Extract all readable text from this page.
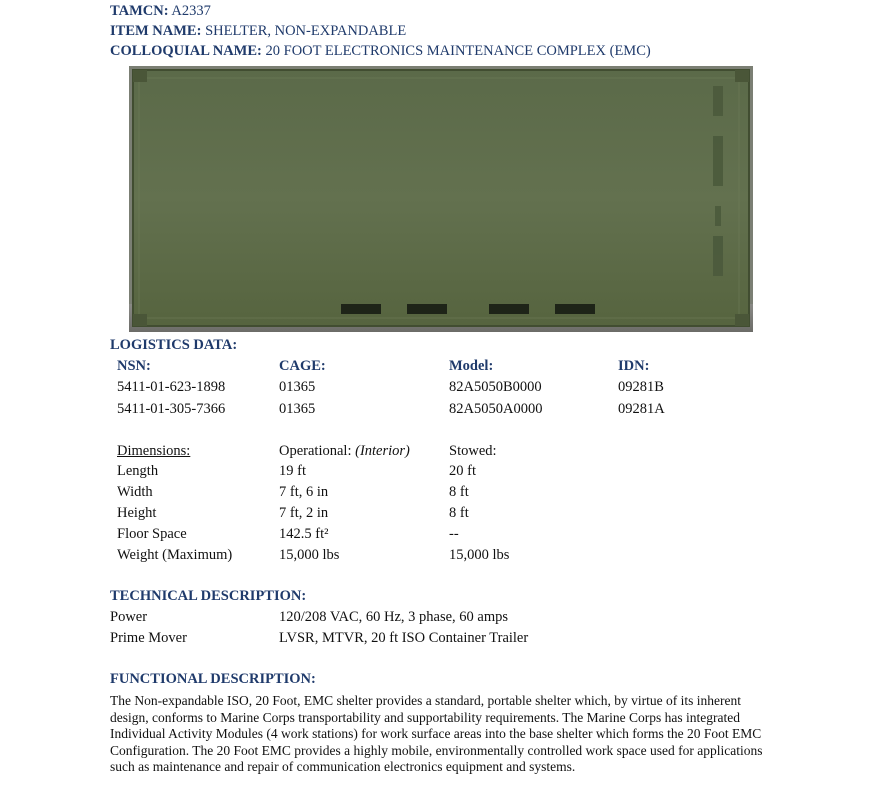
TAMCN: A2337
ITEM NAME: SHELTER, NON-EXPANDABLE
COLLOQUIAL NAME: 20 FOOT ELECTRONICS MAINTENANCE COMPLEX (EMC)
LOGISTICS DATA:
NSN:	CAGE:	Model:	IDN:
5411-01-623-1898	01365	82A5050B0000	09281B
5411-01-305-7366	01365	82A5050A0000	09281A
Dimensions:	Operational: (Interior)	Stowed:
Length	19 ft	20 ft
Width	7 ft, 6 in	8 ft
Height	7 ft, 2 in	8 ft
Floor Space	142.5 ft²	--
Weight (Maximum)	15,000 lbs	15,000 lbs
TECHNICAL DESCRIPTION:
Power	120/208 VAC, 60 Hz, 3 phase, 60 amps
Prime Mover	LVSR, MTVR, 20 ft ISO Container Trailer
FUNCTIONAL DESCRIPTION:
The Non-expandable ISO, 20 Foot, EMC shelter provides a standard, portable shelter which, by virtue of its inherent design, conforms to Marine Corps transportability and supportability requirements. The Marine Corps has integrated Individual Activity Modules (4 work stations) for work surface areas into the base shelter which forms the 20 Foot EMC Configuration. The 20 Foot EMC provides a highly mobile, environmentally controlled work space used for applications such as maintenance and repair of communication electronics equipment and systems.
